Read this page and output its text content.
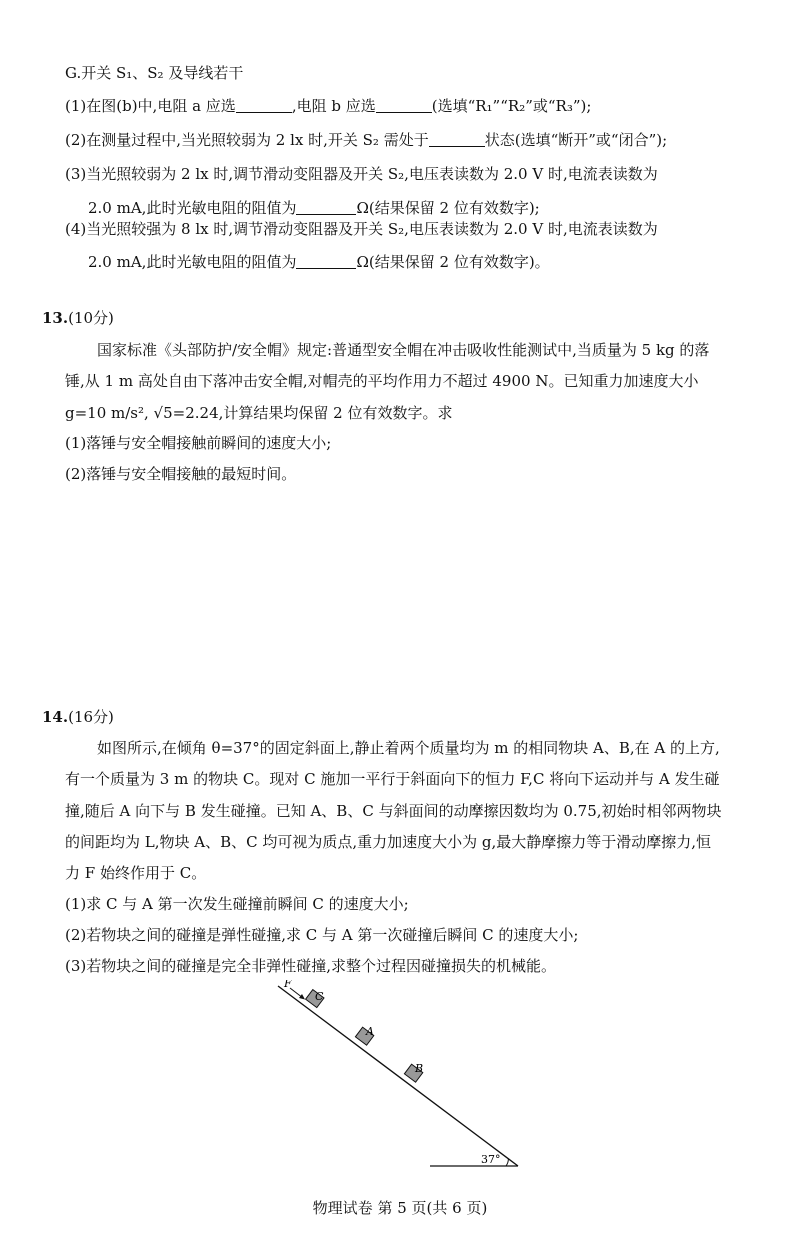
G.开关 S₁、S₂ 及导线若干
(1)在图(b)中,电阻 a 应选	,电阻 b 应选	(选填“R₁”“R₂”或“R₃”);
(2)在测量过程中,当光照较弱为 2 lx 时,开关 S₂ 需处于	状态(选填“断开”或“闭合”);
(3)当光照较弱为 2 lx 时,调节滑动变阻器及开关 S₂,电压表读数为 2.0 V 时,电流表读数为
2.0 mA,此时光敏电阻的阻值为	Ω(结果保留 2 位有效数字);
(4)当光照较强为 8 lx 时,调节滑动变阻器及开关 S₂,电压表读数为 2.0 V 时,电流表读数为
2.0 mA,此时光敏电阻的阻值为	Ω(结果保留 2 位有效数字)。
13.(10分)
国家标准《头部防护/安全帽》规定:普通型安全帽在冲击吸收性能测试中,当质量为 5 kg 的落
锤,从 1 m 高处自由下落冲击安全帽,对帽壳的平均作用力不超过 4900 N。已知重力加速度大小
g=10 m/s², √5=2.24,计算结果均保留 2 位有效数字。求
(1)落锤与安全帽接触前瞬间的速度大小;
(2)落锤与安全帽接触的最短时间。
14.(16分)
如图所示,在倾角 θ=37°的固定斜面上,静止着两个质量均为 m 的相同物块 A、B,在 A 的上方,
有一个质量为 3 m 的物块 C。现对 C 施加一平行于斜面向下的恒力 F,C 将向下运动并与 A 发生碰
撞,随后 A 向下与 B 发生碰撞。已知 A、B、C 与斜面间的动摩擦因数均为 0.75,初始时相邻两物块
的间距均为 L,物块 A、B、C 均可视为质点,重力加速度大小为 g,最大静摩擦力等于滑动摩擦力,恒
力 F 始终作用于 C。
(1)求 C 与 A 第一次发生碰撞前瞬间 C 的速度大小;
(2)若物块之间的碰撞是弹性碰撞,求 C 与 A 第一次碰撞后瞬间 C 的速度大小;
(3)若物块之间的碰撞是完全非弹性碰撞,求整个过程因碰撞损失的机械能。
37°
F
C
A
B
物理试卷 第 5 页(共 6 页)
